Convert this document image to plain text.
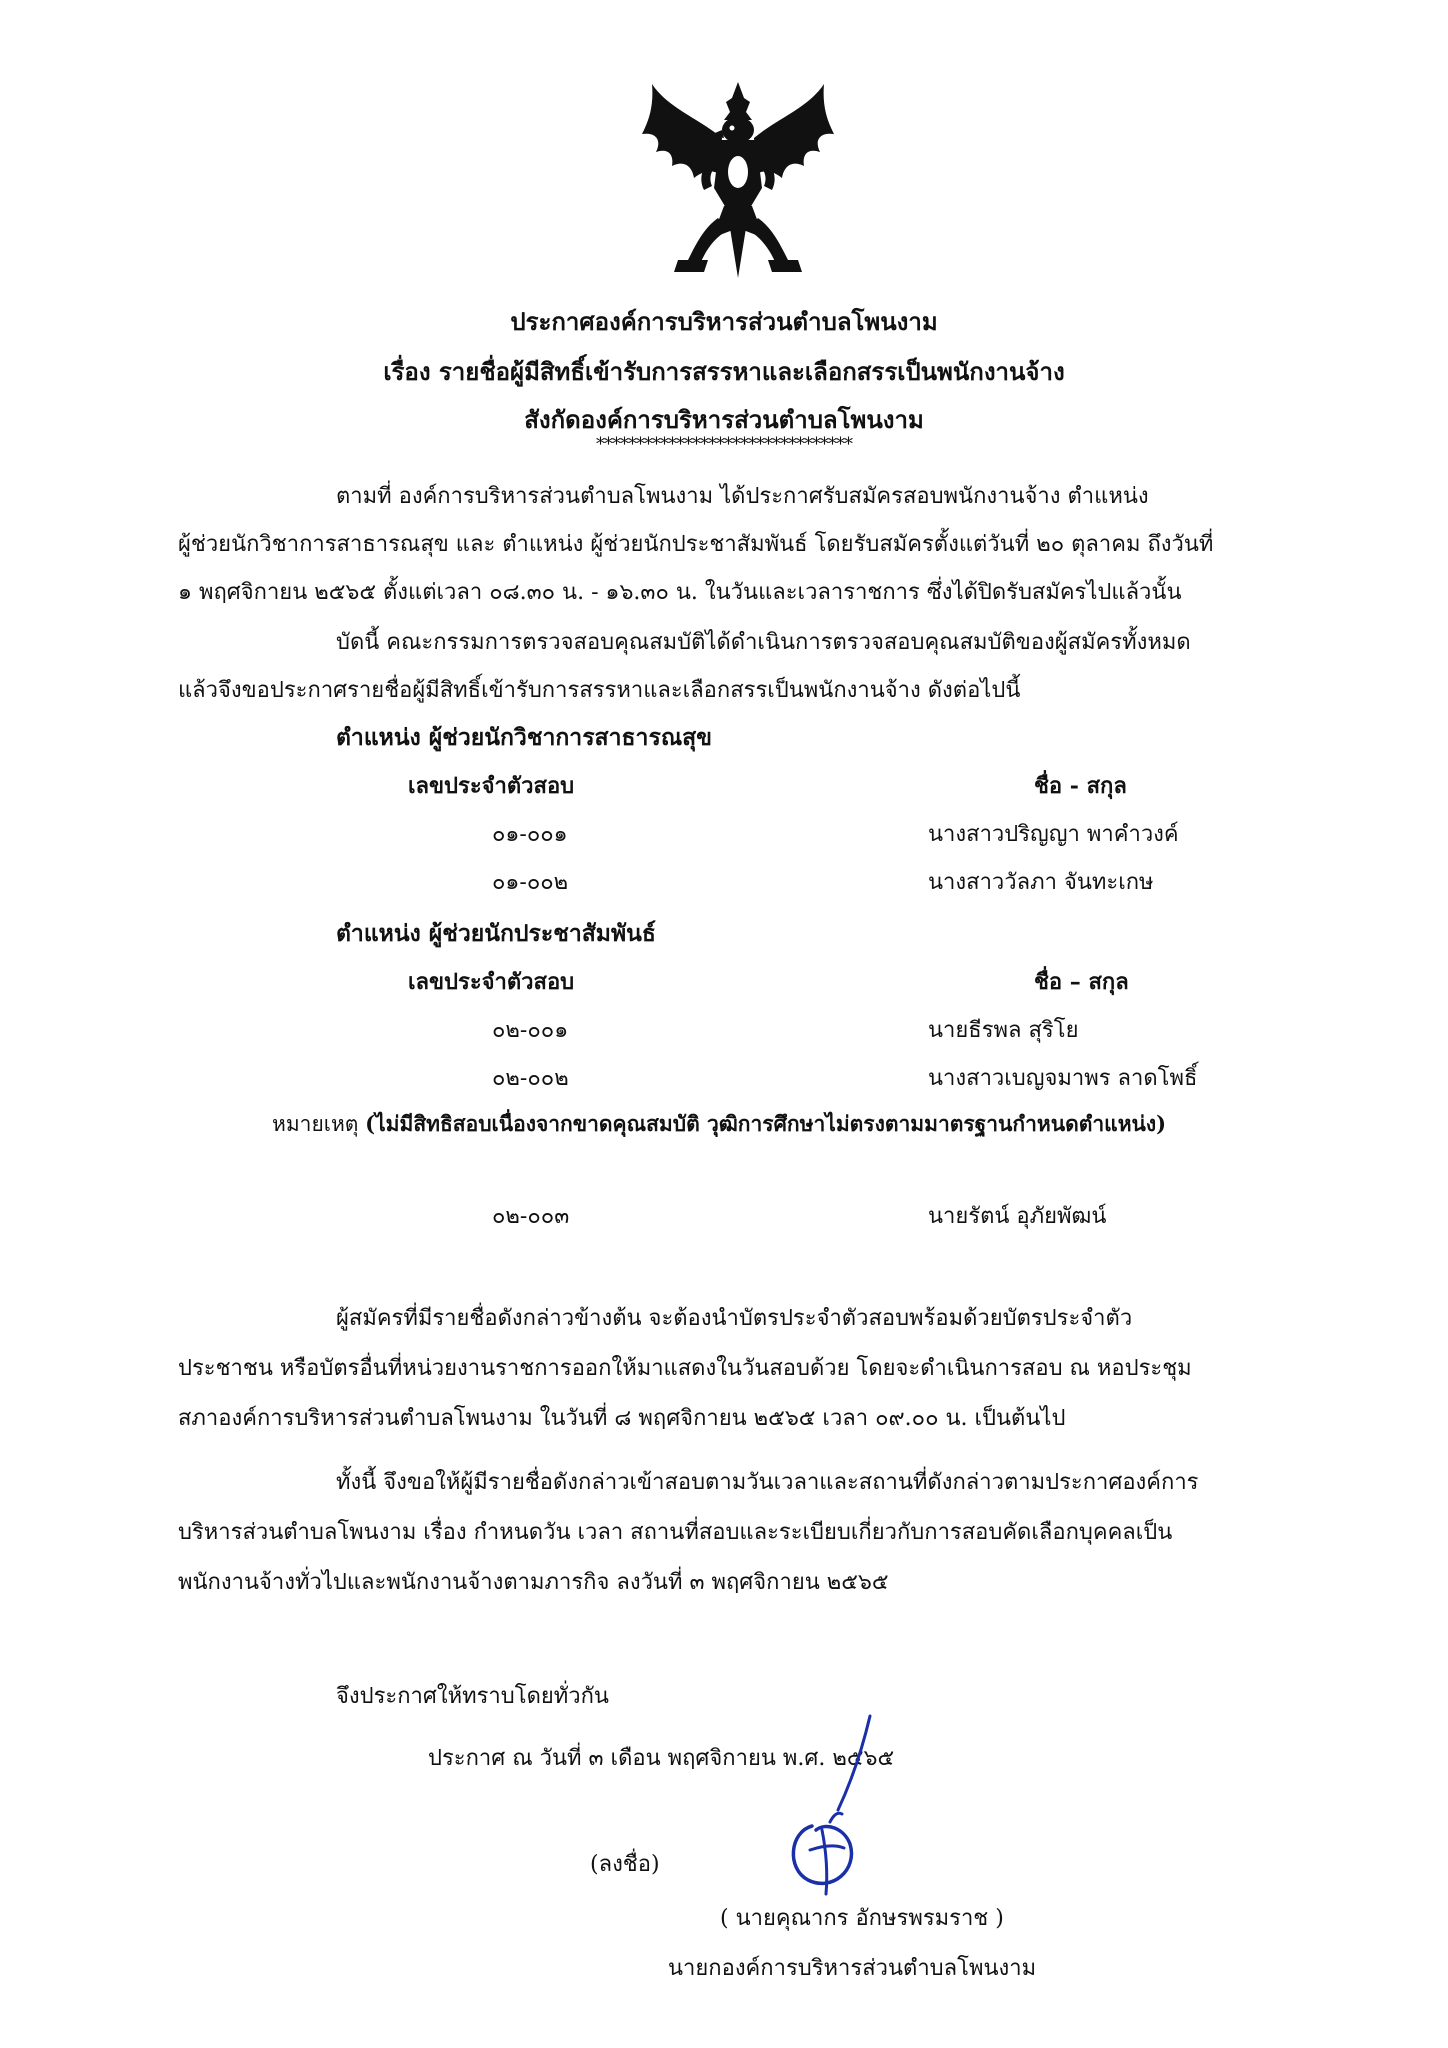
ประกาศองค์การบริหารส่วนตำบลโพนงาม
เรื่อง รายชื่อผู้มีสิทธิ์เข้ารับการสรรหาและเลือกสรรเป็นพนักงานจ้าง
สังกัดองค์การบริหารส่วนตำบลโพนงาม
********************************
ตามที่ องค์การบริหารส่วนตำบลโพนงาม ได้ประกาศรับสมัครสอบพนักงานจ้าง ตำแหน่ง
ผู้ช่วยนักวิชาการสาธารณสุข และ ตำแหน่ง ผู้ช่วยนักประชาสัมพันธ์ โดยรับสมัครตั้งแต่วันที่ ๒๐ ตุลาคม ถึงวันที่
๑ พฤศจิกายน ๒๕๖๕ ตั้งแต่เวลา ๐๘.๓๐ น. - ๑๖.๓๐ น. ในวันและเวลาราชการ ซึ่งได้ปิดรับสมัครไปแล้วนั้น
บัดนี้ คณะกรรมการตรวจสอบคุณสมบัติได้ดำเนินการตรวจสอบคุณสมบัติของผู้สมัครทั้งหมด
แล้วจึงขอประกาศรายชื่อผู้มีสิทธิ์เข้ารับการสรรหาและเลือกสรรเป็นพนักงานจ้าง ดังต่อไปนี้
ตำแหน่ง ผู้ช่วยนักวิชาการสาธารณสุข
เลขประจำตัวสอบ	ชื่อ - สกุล
๐๑-๐๐๑	นางสาวปริญญา พาคำวงค์
๐๑-๐๐๒	นางสาววัลภา จันทะเกษ
ตำแหน่ง ผู้ช่วยนักประชาสัมพันธ์
เลขประจำตัวสอบ	ชื่อ – สกุล
๐๒-๐๐๑	นายธีรพล สุริโย
๐๒-๐๐๒	นางสาวเบญจมาพร ลาดโพธิ์
หมายเหตุ (ไม่มีสิทธิสอบเนื่องจากขาดคุณสมบัติ วุฒิการศึกษาไม่ตรงตามมาตรฐานกำหนดตำแหน่ง)
๐๒-๐๐๓	นายรัตน์ อุภัยพัฒน์
ผู้สมัครที่มีรายชื่อดังกล่าวข้างต้น จะต้องนำบัตรประจำตัวสอบพร้อมด้วยบัตรประจำตัว
ประชาชน หรือบัตรอื่นที่หน่วยงานราชการออกให้มาแสดงในวันสอบด้วย โดยจะดำเนินการสอบ ณ หอประชุม
สภาองค์การบริหารส่วนตำบลโพนงาม ในวันที่ ๘ พฤศจิกายน ๒๕๖๕ เวลา ๐๙.๐๐ น. เป็นต้นไป
ทั้งนี้ จึงขอให้ผู้มีรายชื่อดังกล่าวเข้าสอบตามวันเวลาและสถานที่ดังกล่าวตามประกาศองค์การ
บริหารส่วนตำบลโพนงาม เรื่อง กำหนดวัน เวลา สถานที่สอบและระเบียบเกี่ยวกับการสอบคัดเลือกบุคคลเป็น
พนักงานจ้างทั่วไปและพนักงานจ้างตามภารกิจ ลงวันที่ ๓ พฤศจิกายน ๒๕๖๕
จึงประกาศให้ทราบโดยทั่วกัน
ประกาศ ณ วันที่ ๓ เดือน พฤศจิกายน พ.ศ. ๒๕๖๕
(ลงชื่อ)
( นายคุณากร อักษรพรมราช )
นายกองค์การบริหารส่วนตำบลโพนงาม
